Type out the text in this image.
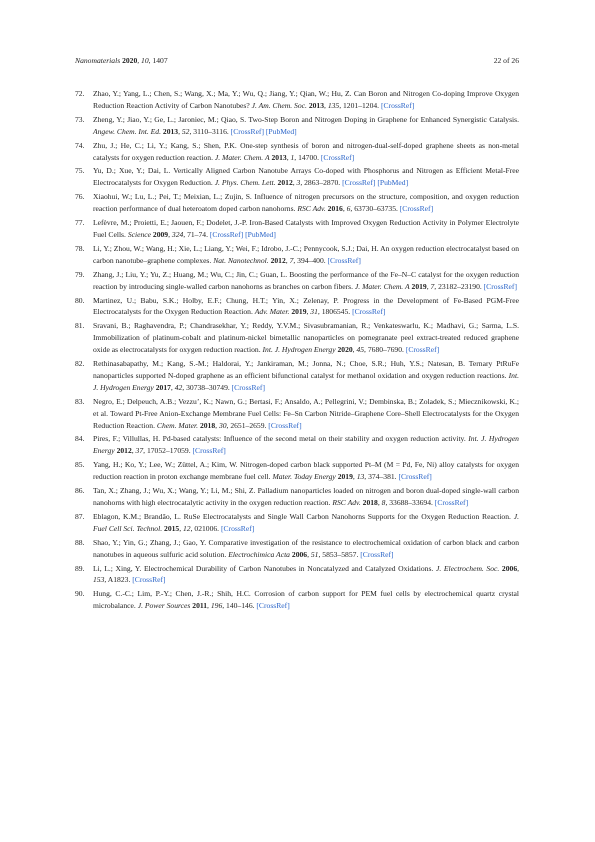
Nanomaterials 2020, 10, 1407	22 of 26
72. Zhao, Y.; Yang, L.; Chen, S.; Wang, X.; Ma, Y.; Wu, Q.; Jiang, Y.; Qian, W.; Hu, Z. Can Boron and Nitrogen Co-doping Improve Oxygen Reduction Reaction Activity of Carbon Nanotubes? J. Am. Chem. Soc. 2013, 135, 1201–1204. [CrossRef]
73. Zheng, Y.; Jiao, Y.; Ge, L.; Jaroniec, M.; Qiao, S. Two-Step Boron and Nitrogen Doping in Graphene for Enhanced Synergistic Catalysis. Angew. Chem. Int. Ed. 2013, 52, 3110–3116. [CrossRef] [PubMed]
74. Zhu, J.; He, C.; Li, Y.; Kang, S.; Shen, P.K. One-step synthesis of boron and nitrogen-dual-self-doped graphene sheets as non-metal catalysts for oxygen reduction reaction. J. Mater. Chem. A 2013, 1, 14700. [CrossRef]
75. Yu, D.; Xue, Y.; Dai, L. Vertically Aligned Carbon Nanotube Arrays Co-doped with Phosphorus and Nitrogen as Efficient Metal-Free Electrocatalysts for Oxygen Reduction. J. Phys. Chem. Lett. 2012, 3, 2863–2870. [CrossRef] [PubMed]
76. Xiaohui, W.; Lu, L.; Pei, T.; Meixian, L.; Zujin, S. Influence of nitrogen precursors on the structure, composition, and oxygen reduction reaction performance of dual heteroatom doped carbon nanohorns. RSC Adv. 2016, 6, 63730–63735. [CrossRef]
77. Lefèvre, M.; Proietti, E.; Jaouen, F.; Dodelet, J.-P. Iron-Based Catalysts with Improved Oxygen Reduction Activity in Polymer Electrolyte Fuel Cells. Science 2009, 324, 71–74. [CrossRef] [PubMed]
78. Li, Y.; Zhou, W.; Wang, H.; Xie, L.; Liang, Y.; Wei, F.; Idrobo, J.-C.; Pennycook, S.J.; Dai, H. An oxygen reduction electrocatalyst based on carbon nanotube–graphene complexes. Nat. Nanotechnol. 2012, 7, 394–400. [CrossRef]
79. Zhang, J.; Liu, Y.; Yu, Z.; Huang, M.; Wu, C.; Jin, C.; Guan, L. Boosting the performance of the Fe–N–C catalyst for the oxygen reduction reaction by introducing single-walled carbon nanohorns as branches on carbon fibers. J. Mater. Chem. A 2019, 7, 23182–23190. [CrossRef]
80. Martinez, U.; Babu, S.K.; Holby, E.F.; Chung, H.T.; Yin, X.; Zelenay, P. Progress in the Development of Fe-Based PGM-Free Electrocatalysts for the Oxygen Reduction Reaction. Adv. Mater. 2019, 31, 1806545. [CrossRef]
81. Sravani, B.; Raghavendra, P.; Chandrasekhar, Y.; Reddy, Y.V.M.; Sivasubramanian, R.; Venkateswarlu, K.; Madhavi, G.; Sarma, L.S. Immobilization of platinum-cobalt and platinum-nickel bimetallic nanoparticles on pomegranate peel extract-treated reduced graphene oxide as electrocatalysts for oxygen reduction reaction. Int. J. Hydrogen Energy 2020, 45, 7680–7690. [CrossRef]
82. Rethinasabapathy, M.; Kang, S.-M.; Haldorai, Y.; Jankiraman, M.; Jonna, N.; Choe, S.R.; Huh, Y.S.; Natesan, B. Ternary PtRuFe nanoparticles supported N-doped graphene as an efficient bifunctional catalyst for methanol oxidation and oxygen reduction reactions. Int. J. Hydrogen Energy 2017, 42, 30738–30749. [CrossRef]
83. Negro, E.; Delpeuch, A.B.; Vezzu’, K.; Nawn, G.; Bertasi, F.; Ansaldo, A.; Pellegrini, V.; Dembinska, B.; Zoladek, S.; Miecznikowski, K.; et al. Toward Pt-Free Anion-Exchange Membrane Fuel Cells: Fe–Sn Carbon Nitride–Graphene Core–Shell Electrocatalysts for the Oxygen Reduction Reaction. Chem. Mater. 2018, 30, 2651–2659. [CrossRef]
84. Pires, F.; Villullas, H. Pd-based catalysts: Influence of the second metal on their stability and oxygen reduction activity. Int. J. Hydrogen Energy 2012, 37, 17052–17059. [CrossRef]
85. Yang, H.; Ko, Y.; Lee, W.; Züttel, A.; Kim, W. Nitrogen-doped carbon black supported Pt–M (M = Pd, Fe, Ni) alloy catalysts for oxygen reduction reaction in proton exchange membrane fuel cell. Mater. Today Energy 2019, 13, 374–381. [CrossRef]
86. Tan, X.; Zhang, J.; Wu, X.; Wang, Y.; Li, M.; Shi, Z. Palladium nanoparticles loaded on nitrogen and boron dual-doped single-wall carbon nanohorns with high electrocatalytic activity in the oxygen reduction reaction. RSC Adv. 2018, 8, 33688–33694. [CrossRef]
87. Eblagon, K.M.; Brandão, L. RuSe Electrocatalysts and Single Wall Carbon Nanohorns Supports for the Oxygen Reduction Reaction. J. Fuel Cell Sci. Technol. 2015, 12, 021006. [CrossRef]
88. Shao, Y.; Yin, G.; Zhang, J.; Gao, Y. Comparative investigation of the resistance to electrochemical oxidation of carbon black and carbon nanotubes in aqueous sulfuric acid solution. Electrochimica Acta 2006, 51, 5853–5857. [CrossRef]
89. Li, L.; Xing, Y. Electrochemical Durability of Carbon Nanotubes in Noncatalyzed and Catalyzed Oxidations. J. Electrochem. Soc. 2006, 153, A1823. [CrossRef]
90. Hung, C.-C.; Lim, P.-Y.; Chen, J.-R.; Shih, H.C. Corrosion of carbon support for PEM fuel cells by electrochemical quartz crystal microbalance. J. Power Sources 2011, 196, 140–146. [CrossRef]
